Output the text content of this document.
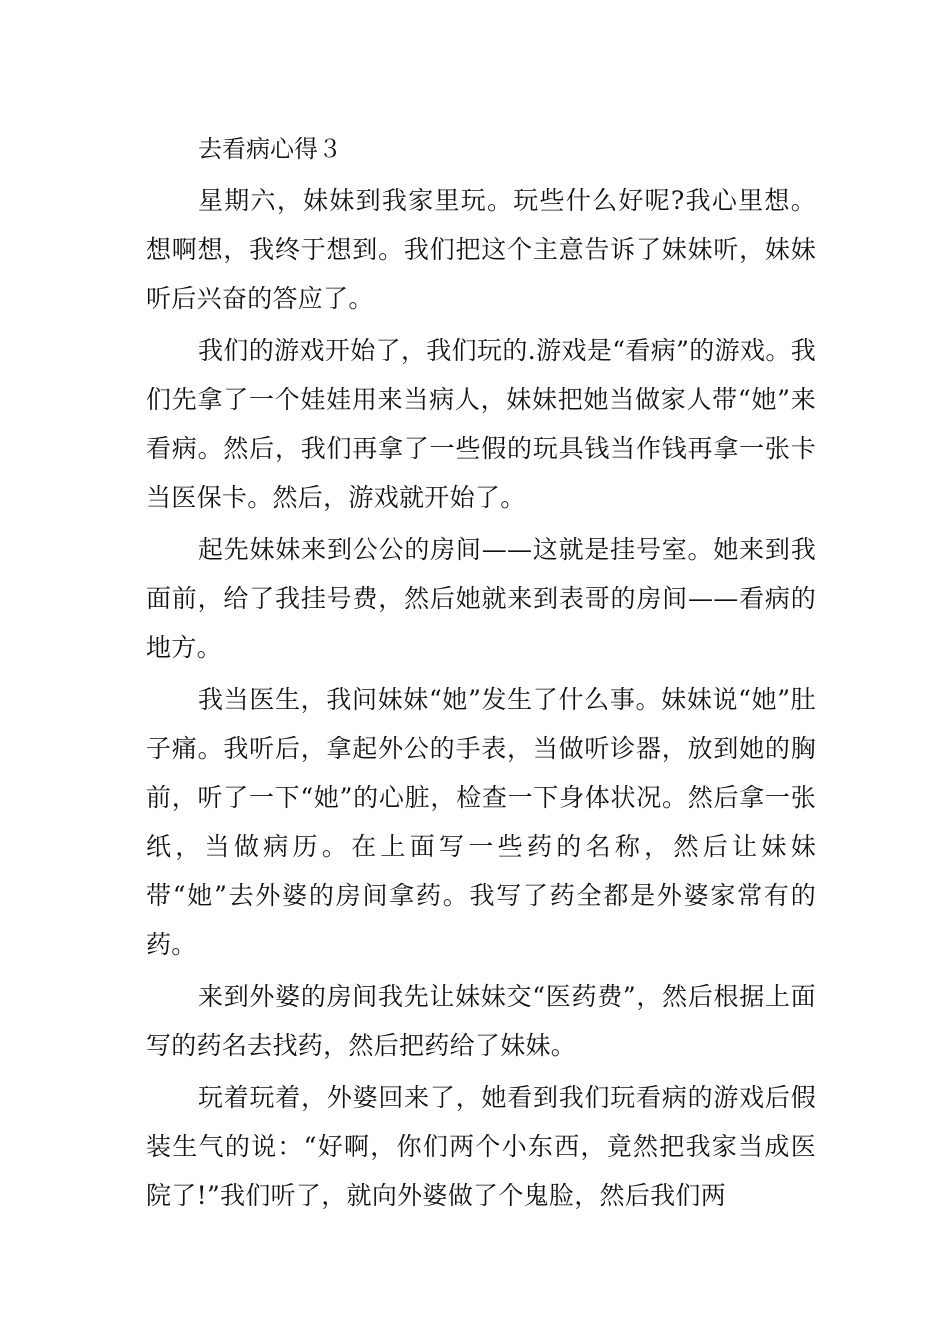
去看病心得３

星期六，妹妹到我家里玩。玩些什么好呢?我心里想。想啊想，我终于想到。我们把这个主意告诉了妹妹听，妹妹听后兴奋的答应了。

我们的游戏开始了，我们玩的.游戏是“看病”的游戏。我们先拿了一个娃娃用来当病人，妹妹把她当做家人带“她”来看病。然后，我们再拿了一些假的玩具钱当作钱再拿一张卡当医保卡。然后，游戏就开始了。

起先妹妹来到公公的房间——这就是挂号室。她来到我面前，给了我挂号费，然后她就来到表哥的房间——看病的地方。

我当医生，我问妹妹“她”发生了什么事。妹妹说“她”肚子痛。我听后，拿起外公的手表，当做听诊器，放到她的胸前，听了一下“她”的心脏，检查一下身体状况。然后拿一张纸，当做病历。在上面写一些药的名称，然后让妹妹带“她”去外婆的房间拿药。我写了药全都是外婆家常有的药。

来到外婆的房间我先让妹妹交“医药费”，然后根据上面写的药名去找药，然后把药给了妹妹。

玩着玩着，外婆回来了，她看到我们玩看病的游戏后假装生气的说：“好啊，你们两个小东西，竟然把我家当成医院了!”我们听了，就向外婆做了个鬼脸，然后我们两
